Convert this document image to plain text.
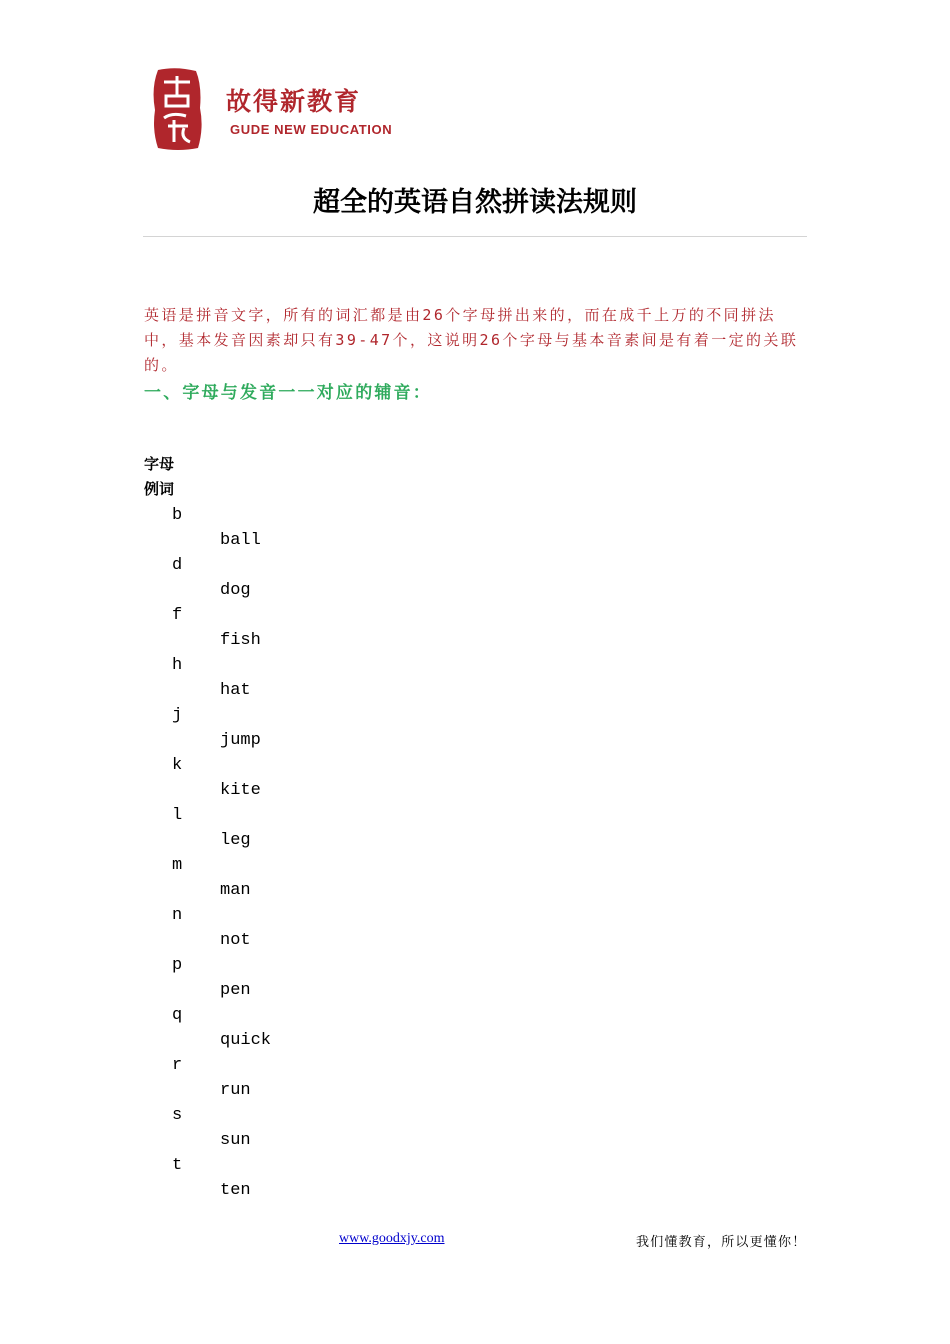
故得新教育
GUDE NEW EDUCATION
超全的英语自然拼读法规则
英语是拼音文字，所有的词汇都是由26个字母拼出来的，而在成千上万的不同拼法中，基本发音因素却只有39-47个，这说明26个字母与基本音素间是有着一定的关联的。
一、字母与发音一一对应的辅音：
字母
例词
b
ball
d
dog
f
fish
h
hat
j
jump
k
kite
l
leg
m
man
n
not
p
pen
q
quick
r
run
s
sun
t
ten
www.goodxjy.com	我们懂教育，所以更懂你！
